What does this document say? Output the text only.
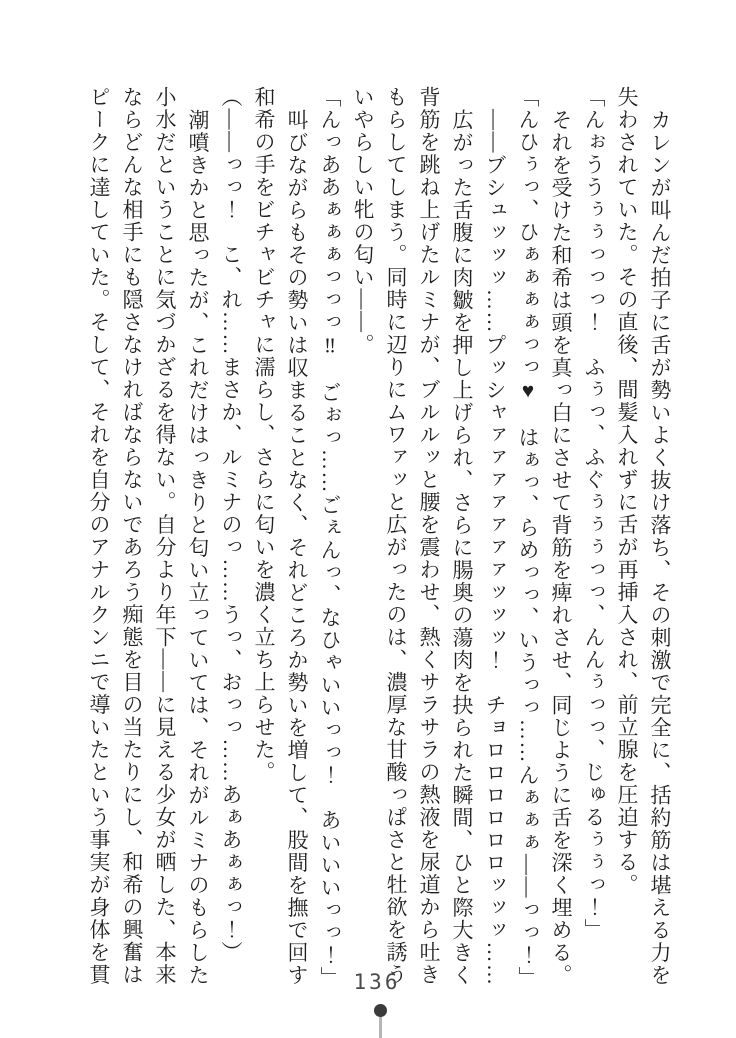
カレンが叫んだ拍子に舌が勢いよく抜け落ち、その刺激で完全に、括約筋は堪える力を

失わされていた。その直後、間髪入れずに舌が再挿入され、前立腺を圧迫する。

「んぉううぅぅっっっ！　ふぅっ、ふぐぅぅぅっっ、んんぅっっ、じゅるぅぅっ！」

それを受けた和希は頭を真っ白にさせて背筋を痺れさせ、同じように舌を深く埋める。

「んひぅっ、ひぁぁぁぁっっ♥　はぁっ、らめっっ、いうっっ……んぁぁぁ――っっ！」

――ブシュッッッ……プッシャァァァァァァァッッッ！　チョロロロロロロッッッ……

広がった舌腹に肉皺を押し上げられ、さらに腸奥の蕩肉を抉られた瞬間、ひと際大きく

背筋を跳ね上げたルミナが、ブルルッと腰を震わせ、熱くサラサラの熱液を尿道から吐き

もらしてしまう。同時に辺りにムワァッと広がったのは、濃厚な甘酸っぱさと牡欲を誘う

いやらしい牝の匂い――。

「んっああぁぁぁっっっ‼　ごぉっ……ごぇんっ、なひゃいいっっ！　あいいいっっ！」

叫びながらもその勢いは収まることなく、それどころか勢いを増して、股間を撫で回す

和希の手をビチャビチャに濡らし、さらに匂いを濃く立ち上らせた。

（――っっ！　こ、れ……まさか、ルミナのっ……うっ、おっっ……あぁあぁぁっ！）

潮噴きかと思ったが、これだけはっきりと匂い立っていては、それがルミナのもらした

小水だということに気づかざるを得ない。自分より年下――に見える少女が晒した、本来

ならどんな相手にも隠さなければならないであろう痴態を目の当たりにし、和希の興奮は

ピークに達していた。そして、それを自分のアナルクンニで導いたという事実が身体を貫	136
